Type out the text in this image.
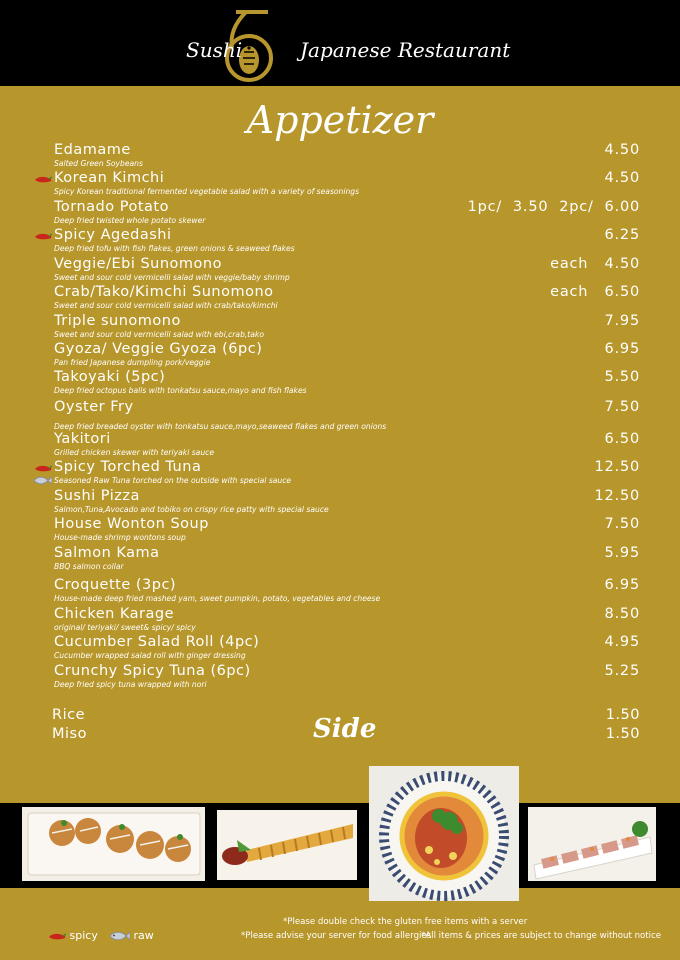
Sushi	Japanese Restaurant
Appetizer
Edamame
Salted Green Soybeans
4.50
Korean Kimchi
Spicy Korean traditional fermented vegetable salad with a variety of seasonings
4.50
Tornado Potato
Deep fried twisted whole potato skewer
1pc/  3.50  2pc/  6.00
Spicy Agedashi
Deep fried tofu with fish flakes, green onions & seaweed flakes
6.25
Veggie/Ebi Sunomono
Sweet and sour cold vermicelli salad with veggie/baby shrimp
each   4.50
Crab/Tako/Kimchi Sunomono
Sweet and sour cold vermicelli salad with crab/tako/kimchi
each   6.50
Triple sunomono
Sweet and sour cold vermicelli salad with ebi,crab,tako
7.95
Gyoza/ Veggie Gyoza (6pc)
Pan fried Japanese dumpling pork/veggie
6.95
Takoyaki (5pc)
Deep fried octopus balls with tonkatsu sauce,mayo and fish flakes
5.50
Oyster Fry
Deep fried breaded oyster with tonkatsu sauce,mayo,seaweed flakes and green onions
7.50
Yakitori
Grilled chicken skewer with teriyaki sauce
6.50
Spicy Torched Tuna
Seasoned Raw Tuna torched on the outside with special sauce
12.50
Sushi Pizza
Salmon,Tuna,Avocado and tobiko on crispy rice patty with special sauce
12.50
House Wonton Soup
House-made shrimp wontons soup
7.50
Salmon Kama
BBQ salmon collar
5.95
Croquette (3pc)
House-made deep fried mashed yam, sweet pumpkin, potato, vegetables and cheese
6.95
Chicken Karage
original/ teriyaki/ sweet& spicy/ spicy
8.50
Cucumber Salad Roll (4pc)
Cucumber wrapped salad roll with ginger dressing
4.95
Crunchy Spicy Tuna (6pc)
Deep fried spicy tuna wrapped with nori
5.25
Side
Rice	1.50
Miso	1.50
*Please double check the gluten free items with a server
*Please advise your server for food allergies
*All items & prices are subject to change without notice
spicy	raw
